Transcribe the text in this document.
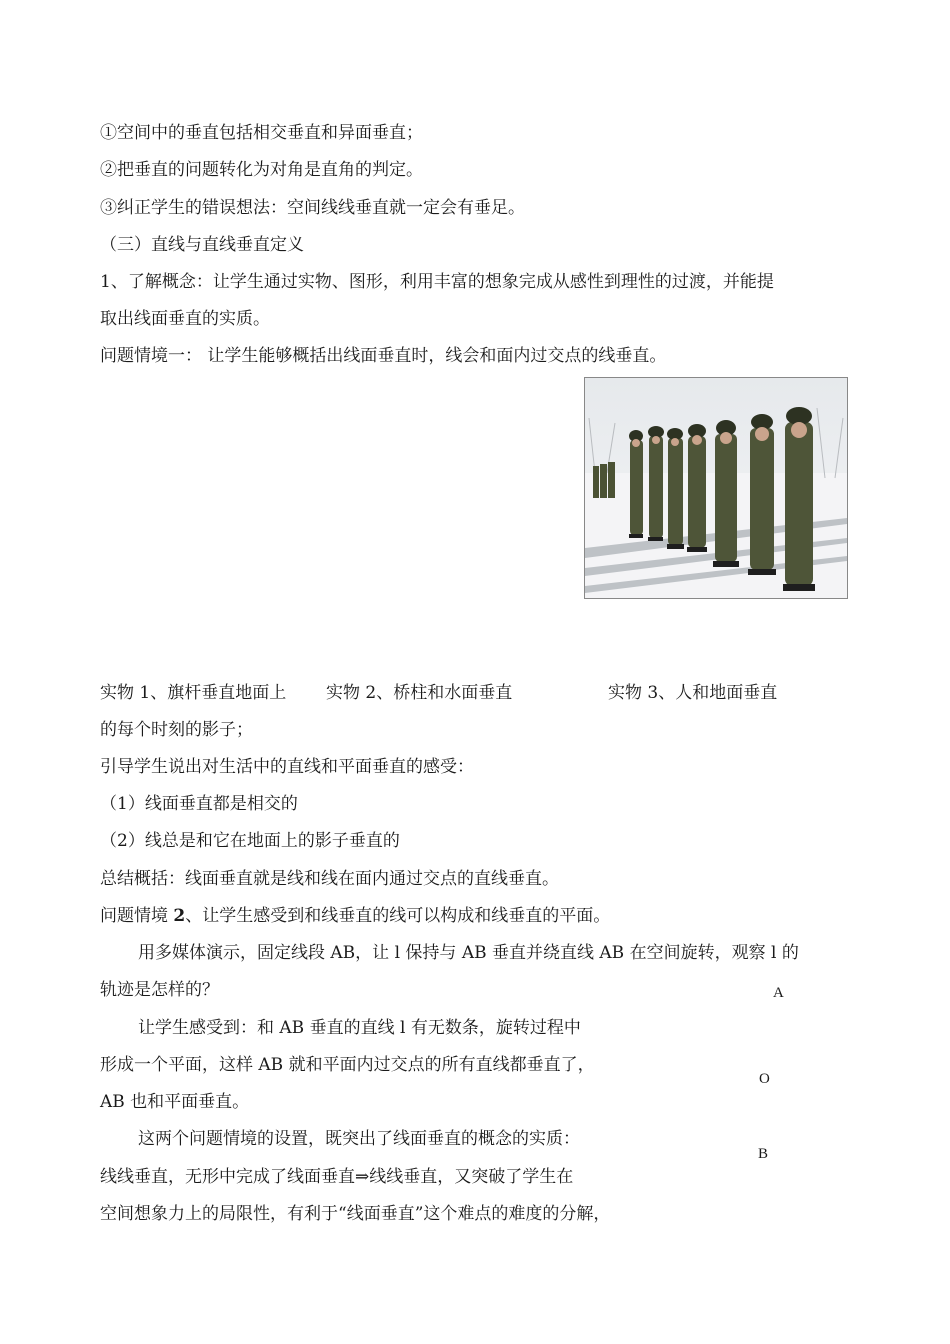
①空间中的垂直包括相交垂直和异面垂直；
②把垂直的问题转化为对角是直角的判定。
③纠正学生的错误想法：空间线线垂直就一定会有垂足。
（三）直线与直线垂直定义
1、了解概念：让学生通过实物、图形，利用丰富的想象完成从感性到理性的过渡，并能提
取出线面垂直的实质。
问题情境一： 让学生能够概括出线面垂直时，线会和面内过交点的线垂直。
实物 1、旗杆垂直地面上 实物 2、桥柱和水面垂直	实物 3、人和地面垂直
的每个时刻的影子；
引导学生说出对生活中的直线和平面垂直的感受：
（1）线面垂直都是相交的
（2）线总是和它在地面上的影子垂直的
总结概括：线面垂直就是线和线在面内通过交点的直线垂直。
问题情境 2、让学生感受到和线垂直的线可以构成和线垂直的平面。
用多媒体演示，固定线段 AB，让 l 保持与 AB 垂直并绕直线 AB 在空间旋转，观察 l 的
轨迹是怎样的？
让学生感受到：和 AB 垂直的直线 l 有无数条，旋转过程中
形成一个平面，这样 AB 就和平面内过交点的所有直线都垂直了，
AB 也和平面垂直。
这两个问题情境的设置，既突出了线面垂直的概念的实质：
线线垂直，无形中完成了线面垂直⇒线线垂直，又突破了学生在
空间想象力上的局限性，有利于“线面垂直”这个难点的难度的分解，
A
O
B
